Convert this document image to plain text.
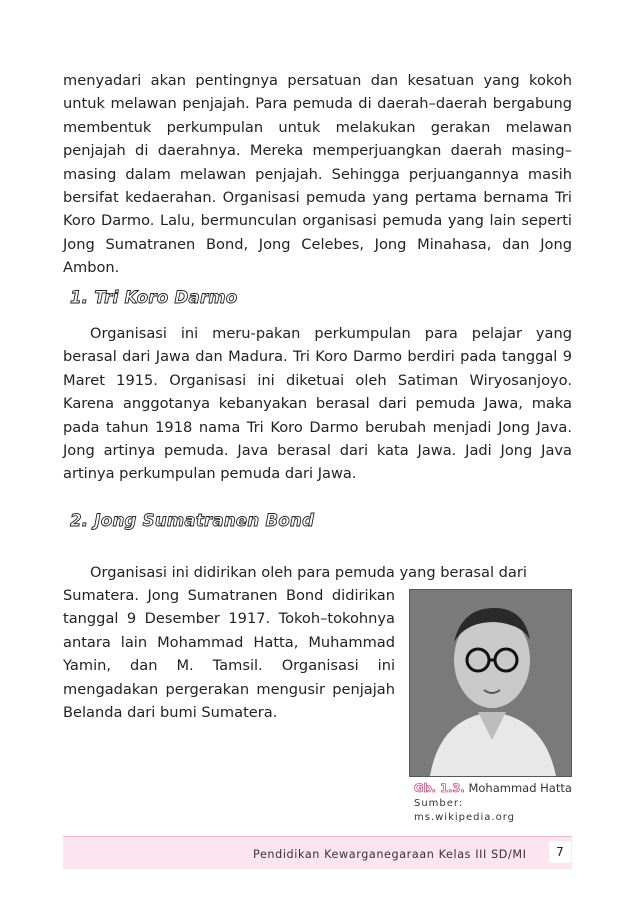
menyadari akan pentingnya persatuan dan kesatuan yang kokoh untuk melawan penjajah. Para pemuda di daerah–daerah bergabung membentuk perkumpulan untuk melakukan gerakan melawan penjajah di daerahnya. Mereka memperjuangkan daerah masing–masing dalam melawan penjajah. Sehingga perjuangannya masih bersifat kedaerahan. Organisasi pemuda yang pertama bernama Tri Koro Darmo. Lalu, bermunculan organisasi pemuda yang lain seperti Jong Sumatranen Bond, Jong Celebes, Jong Minahasa, dan Jong Ambon.

1. Tri Koro Darmo

Organisasi ini meru-pakan perkumpulan para pelajar yang berasal dari Jawa dan Madura. Tri Koro Darmo berdiri pada tanggal 9 Maret 1915. Organisasi ini diketuai oleh Satiman Wiryosanjoyo. Karena anggotanya kebanyakan berasal dari pemuda Jawa, maka pada tahun 1918 nama Tri Koro Darmo berubah menjadi Jong Java. Jong artinya pemuda. Java berasal dari kata Jawa. Jadi Jong Java artinya perkumpulan pemuda dari Jawa.

2. Jong Sumatranen Bond

Organisasi ini didirikan oleh para pemuda yang berasal dari

Sumatera. Jong Sumatranen Bond didirikan tanggal 9 Desember 1917. Tokoh–tokohnya antara lain Mohammad Hatta, Muhammad Yamin, dan M. Tamsil. Organisasi ini mengadakan pergerakan mengusir penjajah Belanda dari bumi Sumatera.

Gb. 1.3. Mohammad Hatta
Sumber:
ms.wikipedia.org
Pendidikan Kewarganegaraan Kelas III SD/MI	7
